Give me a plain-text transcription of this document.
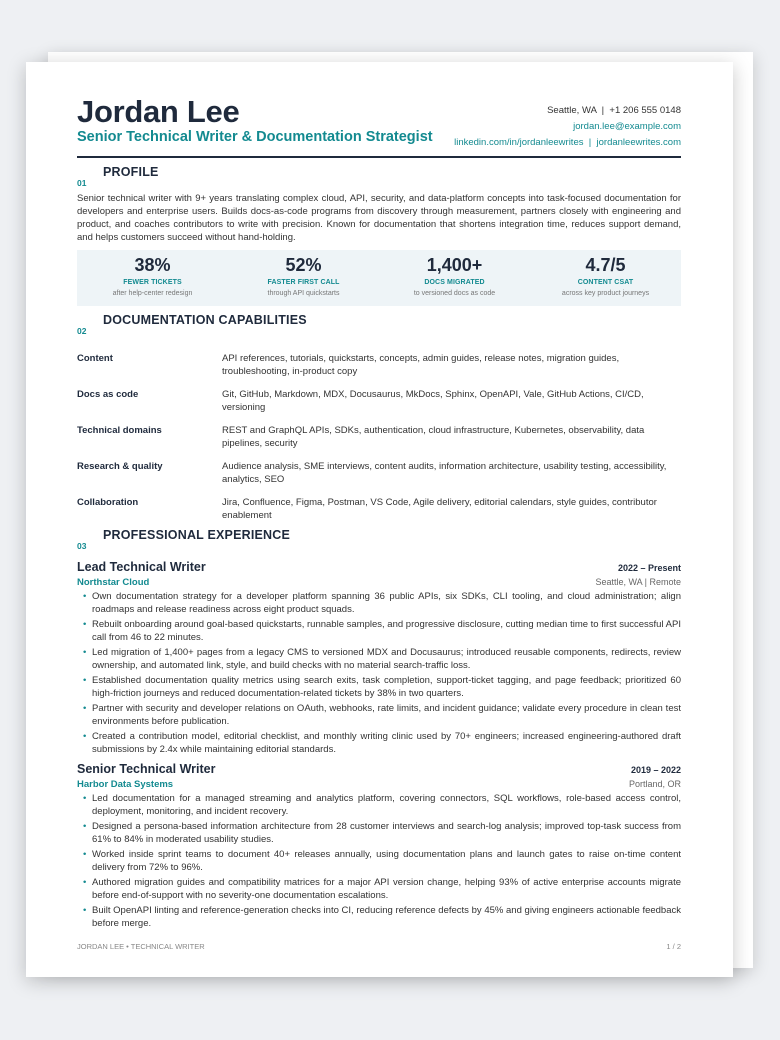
Jordan Lee
Senior Technical Writer & Documentation Strategist
Seattle, WA  |  +1 206 555 0148
jordan.lee@example.com
linkedin.com/in/jordanleewrites  |  jordanleewrites.com
PROFILE
01
Senior technical writer with 9+ years translating complex cloud, API, security, and data-platform concepts into task-focused documentation for developers and enterprise users. Builds docs-as-code programs from discovery through measurement, partners closely with engineering and product, and coaches contributors to write with precision. Known for documentation that shortens integration time, reduces support demand, and helps customers succeed without hand-holding.
38%
FEWER TICKETS
after help-center redesign
52%
FASTER FIRST CALL
through API quickstarts
1,400+
DOCS MIGRATED
to versioned docs as code
4.7/5
CONTENT CSAT
across key product journeys
DOCUMENTATION CAPABILITIES
02
Content	API references, tutorials, quickstarts, concepts, admin guides, release notes, migration guides, troubleshooting, in-product copy
Docs as code	Git, GitHub, Markdown, MDX, Docusaurus, MkDocs, Sphinx, OpenAPI, Vale, GitHub Actions, CI/CD, versioning
Technical domains	REST and GraphQL APIs, SDKs, authentication, cloud infrastructure, Kubernetes, observability, data pipelines, security
Research & quality	Audience analysis, SME interviews, content audits, information architecture, usability testing, accessibility, analytics, SEO
Collaboration	Jira, Confluence, Figma, Postman, VS Code, Agile delivery, editorial calendars, style guides, contributor enablement
PROFESSIONAL EXPERIENCE
03
Lead Technical Writer	2022 – Present
Northstar Cloud	Seattle, WA | Remote
• Own documentation strategy for a developer platform spanning 36 public APIs, six SDKs, CLI tooling, and cloud administration; align roadmaps and release readiness across eight product squads.
• Rebuilt onboarding around goal-based quickstarts, runnable samples, and progressive disclosure, cutting median time to first successful API call from 46 to 22 minutes.
• Led migration of 1,400+ pages from a legacy CMS to versioned MDX and Docusaurus; introduced reusable components, redirects, review ownership, and automated link, style, and build checks with no material search-traffic loss.
• Established documentation quality metrics using search exits, task completion, support-ticket tagging, and page feedback; prioritized 60 high-friction journeys and reduced documentation-related tickets by 38% in two quarters.
• Partner with security and developer relations on OAuth, webhooks, rate limits, and incident guidance; validate every procedure in clean test environments before publication.
• Created a contribution model, editorial checklist, and monthly writing clinic used by 70+ engineers; increased engineering-authored draft submissions by 2.4x while maintaining editorial standards.
Senior Technical Writer	2019 – 2022
Harbor Data Systems	Portland, OR
• Led documentation for a managed streaming and analytics platform, covering connectors, SQL workflows, role-based access control, deployment, monitoring, and incident recovery.
• Designed a persona-based information architecture from 28 customer interviews and search-log analysis; improved top-task success from 61% to 84% in moderated usability studies.
• Worked inside sprint teams to document 40+ releases annually, using documentation plans and launch gates to raise on-time content delivery from 72% to 96%.
• Authored migration guides and compatibility matrices for a major API version change, helping 93% of active enterprise accounts migrate before end-of-support with no severity-one documentation escalations.
• Built OpenAPI linting and reference-generation checks into CI, reducing reference defects by 45% and giving engineers actionable feedback before merge.
JORDAN LEE • TECHNICAL WRITER	1 / 2
